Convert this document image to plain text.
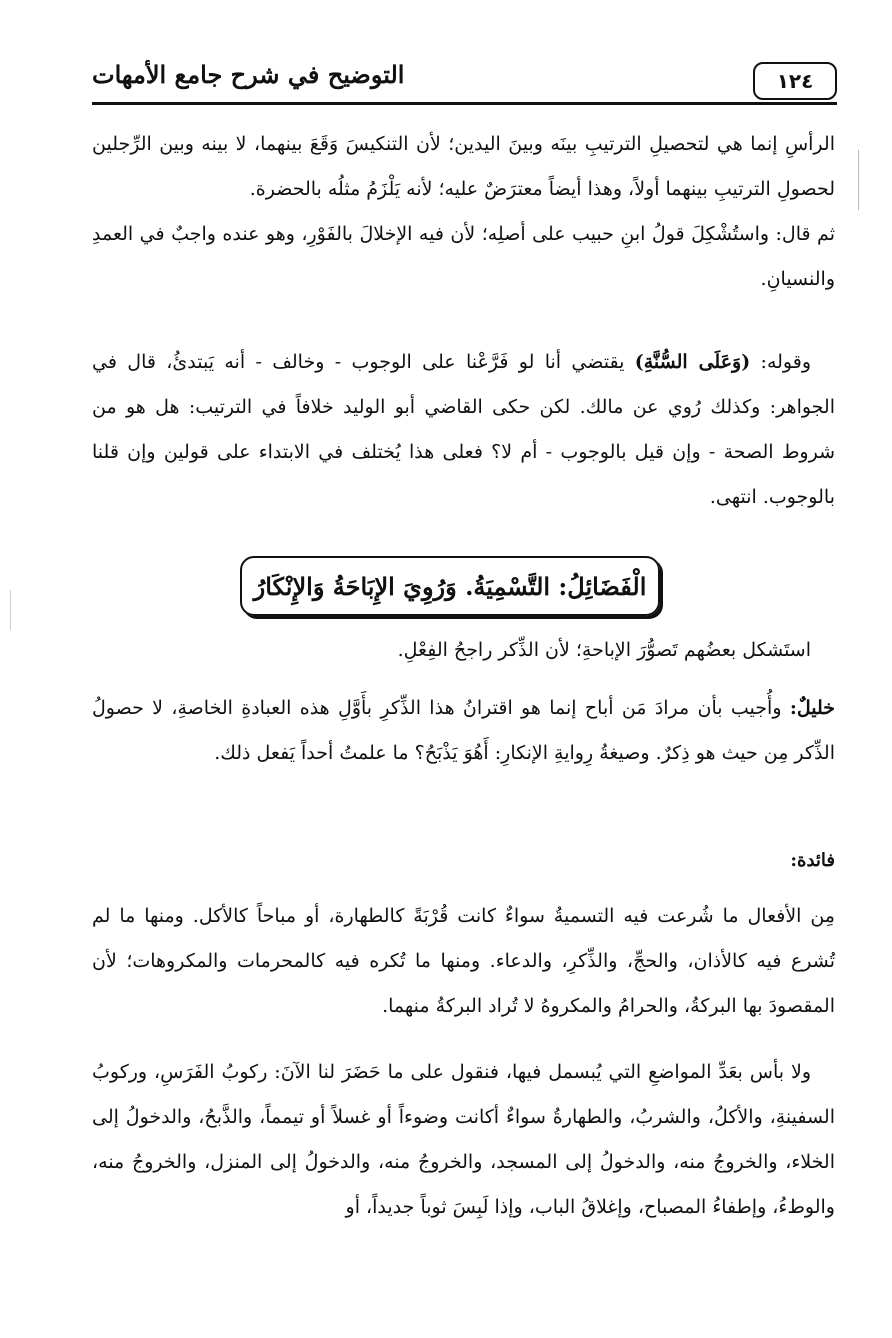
١٢٤
التوضيح في شرح جامع الأمهات

الرأسِ إنما هي لتحصيلِ الترتيبِ بينَه وبينَ اليدين؛ لأن التنكيسَ وَقَعَ بينهما، لا بينه وبين الرِّجلين لحصولِ الترتيبِ بينهما أولاً، وهذا أيضاً معترَضٌ عليه؛ لأنه يَلْزَمُ مثلُه بالحضرة.

ثم قال: واستُشْكِلَ قولُ ابنِ حبيب على أصلِه؛ لأن فيه الإخلالَ بالفَوْرِ، وهو عنده واجبٌ في العمدِ والنسيانِ.

وقوله: (وَعَلَى السُّنَّةِ) يقتضي أنا لو فَرَّعْنا على الوجوب - وخالف - أنه يَبتدئُ، قال في الجواهر: وكذلك رُوي عن مالك. لكن حكى القاضي أبو الوليد خلافاً في الترتيب: هل هو من شروط الصحة - وإن قيل بالوجوب - أم لا؟ فعلى هذا يُختلف في الابتداء على قولين وإن قلنا بالوجوب. انتهى.

الْفَضَائِلُ: التَّسْمِيَةُ. وَرُوِيَ الإِبَاحَةُ وَالإِنْكَارُ

استَشكل بعضُهم تَصوُّرَ الإباحةِ؛ لأن الذِّكر راجحُ الفِعْلِ.

خليلٌ: وأُجيب بأن مرادَ مَن أباح إنما هو اقترانُ هذا الذِّكرِ بأَوَّلِ هذه العبادةِ الخاصةِ، لا حصولُ الذِّكر مِن حيث هو ذِكرٌ. وصيغةُ رِوايةِ الإنكارِ: أَهُوَ يَذْبَحُ؟ ما علمتُ أحداً يَفعل ذلك.

فائدة:

مِن الأفعال ما شُرعت فيه التسميةُ سواءٌ كانت قُرْبَةً كالطهارة، أو مباحاً كالأكل. ومنها ما لم تُشرع فيه كالأذان، والحجِّ، والذِّكرِ، والدعاء. ومنها ما تُكره فيه كالمحرمات والمكروهات؛ لأن المقصودَ بها البركةُ، والحرامُ والمكروهُ لا تُراد البركةُ منهما.

ولا بأس بعَدِّ المواضعِ التي يُبسمل فيها، فنقول على ما حَضَرَ لنا الآنَ: ركوبُ الفَرَسِ، وركوبُ السفينةِ، والأكلُ، والشربُ، والطهارةُ سواءٌ أكانت وضوءاً أو غسلاً أو تيمماً، والذَّبحُ، والدخولُ إلى الخلاء، والخروجُ منه، والدخولُ إلى المسجد، والخروجُ منه، والدخولُ إلى المنزل، والخروجُ منه، والوطءُ، وإطفاءُ المصباح، وإغلاقُ الباب، وإذا لَبِسَ ثوباً جديداً، أو
